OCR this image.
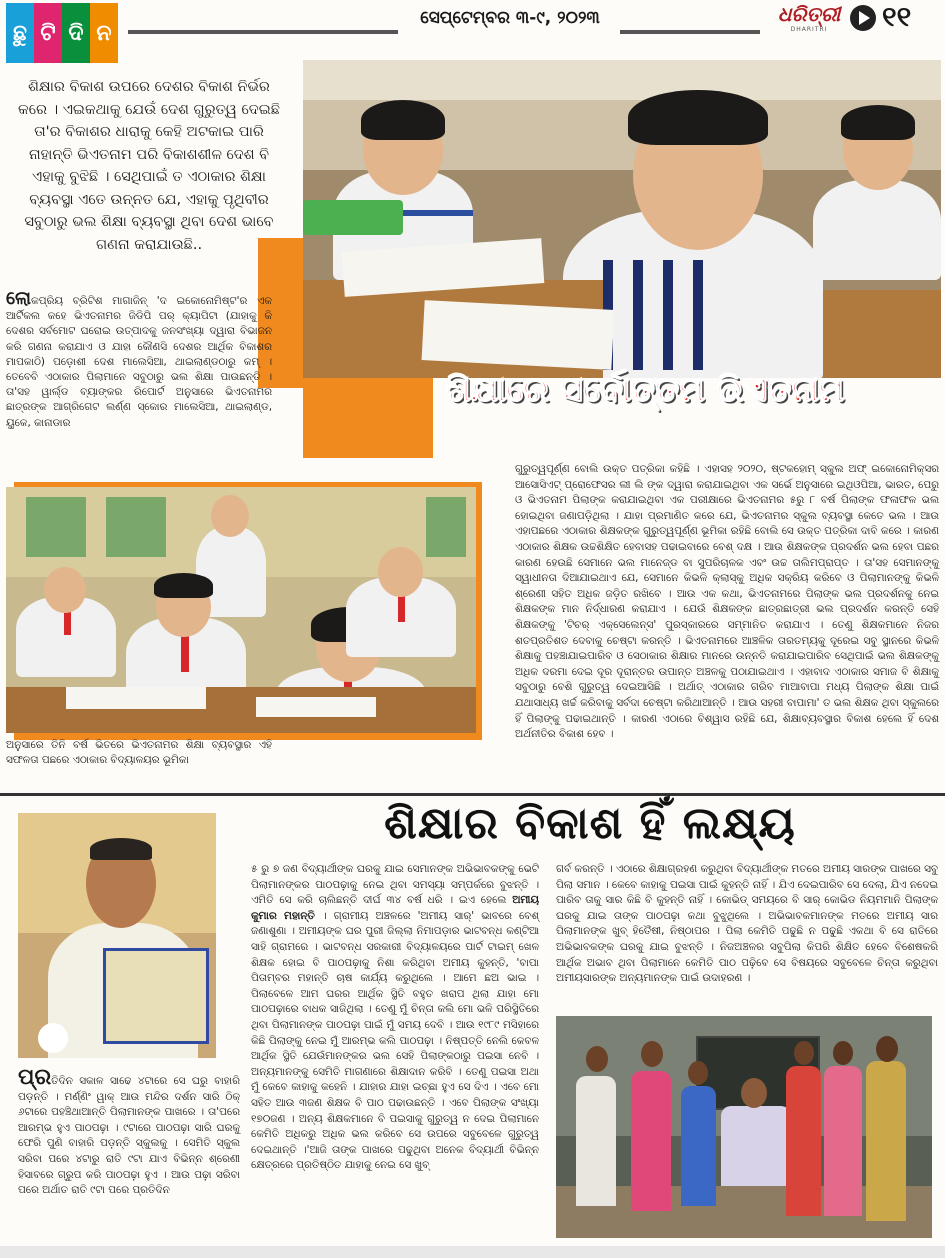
ଛୁ ଟି ଦି ନ
ସେପ୍ଟେମ୍ବର ୩-୯, ୨୦୨୩	ଧରିତ୍ରୀ
DHARITRI	୧୧
ଶିକ୍ଷାର ବିକାଶ ଉପରେ ଦେଶର ବିକାଶ ନିର୍ଭର କରେ । ଏଇକଥାକୁ ଯେଉଁ ଦେଶ ଗୁରୁତ୍ୱ ଦେଇଛି ତା'ର ବିକାଶର ଧାରାକୁ କେହି ଅଟକାଇ ପାରି ନାହାନ୍ତି ଭିଏତନାମ ପରି ବିକାଶଶୀଳ ଦେଶ ବି ଏହାକୁ ବୁଝିଛି । ସେଥିପାଇଁ ତ ଏଠାକାର ଶିକ୍ଷା ବ୍ୟବସ୍ଥା ଏତେ ଉନ୍ନତ ଯେ, ଏହାକୁ ପୃଥିବୀର ସବୁଠାରୁ ଭଲ ଶିକ୍ଷା ବ୍ୟବସ୍ଥା ଥିବା ଦେଶ ଭାବେ ଗଣନା କରାଯାଉଛି..
ଶିକ୍ଷାରେ ସର୍ବୋତ୍ତମ ଭିଏତନାମ

ଲୋକପ୍ରିୟ ବ୍ରିଟିଶ ମାଗାଜିନ୍ 'ଦ ଇକୋନୋମିଷ୍ଟ'ର ଏକ ଆର୍ଟିକଲ କହେ ଭିଏତନାମର ଜିଡିପି ପର୍ କ୍ୟାପିଟା (ଯାହାକୁ କି ଦେଶର ସର୍ବମୋଟ ଘରୋଇ ଉତ୍ପାଦକୁ ଜନସଂଖ୍ୟା ଦ୍ୱାରା ବିଭାଜନ କରି ଗଣନା କରାଯାଏ ଓ ଯାହା କୌଣସି ଦେଶର ଆର୍ଥିକ ବିକାଶର ମାପକାଠି) ପଡ଼ୋଶୀ ଦେଶ ମାଲେସିଆ, ଥାଇଲାଣ୍ଡଠାରୁ କମ୍ । ତେବେବି ଏଠାକାର ପିଲାମାନେ ସବୁଠାରୁ ଭଲ ଶିକ୍ଷା ପାଉଛନ୍ତି । ତା'ସହ ୱାର୍ଲ୍ଡ ବ୍ୟାଙ୍କର ରିପୋର୍ଟ ଅନୁସାରେ ଭିଏତନାମର ଛାତ୍ରଙ୍କ ଆଗ୍ରିଗେଟ ଲର୍ଣ୍ଣ ସ୍କୋର ମାଲେସିଆ, ଥାଇଲାଣ୍ଡ, ୟୁକେ, କାନାଡାର

ଅନୁସାରେ ତିନି ବର୍ଷ ଭିତରେ ଭିଏତନାମର ଶିକ୍ଷା ବ୍ୟବସ୍ଥାର ଏହି ସଫଳତା ପଛରେ ଏଠାକାର ବିଦ୍ୟାଳୟର ଭୂମିକା

ଗୁରୁତ୍ୱପୂର୍ଣ୍ଣ ବୋଲି ଉକ୍ତ ପତ୍ରିକା କହିଛି । ଏହାସହ ୨୦୨୦, ଷ୍ଟକହୋମ୍ ସ୍କୁଲ ଅଫ୍ ଇକୋନୋମିକ୍ସର ଆସୋସିଏଟ୍ ପ୍ରୋଫେସର ଲୀ ଲି ଙ୍କ ଦ୍ୱାରା କରାଯାଇଥିବା ଏକ ସର୍ଭେ ଅନୁସାରେ ଇଥିଓପିଆ, ଭାରତ, ପେରୁ ଓ ଭିଏତନାମ ପିଲାଙ୍କ କରାଯାଇଥିବା ଏକ ପରୀକ୍ଷାରେ ଭିଏତନାମର ୫ରୁ ୮ ବର୍ଷ ପିଲାଙ୍କ ଫଳାଫଳ ଭଲ ହୋଇଥିବା ଜଣାପଡ଼ିଥିଲା । ଯାହା ପ୍ରମାଣିତ କରେ ଯେ, ଭିଏତନାମର ସ୍କୁଲ ବ୍ୟବସ୍ଥା କେତେ ଭଲ । ଆଉ ଏହାପଛରେ ଏଠାକାର ଶିକ୍ଷକଙ୍କ ଗୁରୁତ୍ୱପୂର୍ଣ୍ଣ ଭୂମିକା ରହିଛି ବୋଲି ସେ ଉକ୍ତ ପତ୍ରିକା ଦାବି କରେ । କାରଣ ଏଠାକାର ଶିକ୍ଷକ ଉଚ୍ଚଶିକ୍ଷିତ ହେବାସହ ପଢାଇବାରେ ବେଶ୍ ଦକ୍ଷ । ଆଉ ଶିକ୍ଷକଙ୍କ ପ୍ରଦର୍ଶନ ଭଲ ହେବା ପଛର କାରଣ ହେଉଛି ସେମାନେ ଭଲ ମାନେଜ୍ଡ ବା ସୁପରିଚାଳକ ଏବଂ ଉଚ୍ଚ ତାଲିମପ୍ରାପ୍ତ । ତା'ସହ ସେମାନଙ୍କୁ ସ୍ୱାଧୀନତା ଦିଆଯାଇଥାଏ ଯେ, ସେମାନେ କିଭଳି କ୍ଲାସ୍‌କୁ ଅଧିକ ସକ୍ରିୟ କରିବେ ଓ ପିଲାମାନଙ୍କୁ କିଭଳି ଶ୍ରେଣୀ ସହିତ ଅଧିକ ଜଡ଼ିତ ରଖିବେ । ଆଉ ଏକ କଥା, ଭିଏତନାମରେ ପିଲାଙ୍କ ଭଲ ପ୍ରଦର୍ଶନକୁ ନେଇ ଶିକ୍ଷକଙ୍କ ମାନ ନିର୍ଦ୍ଧାରଣ କରାଯାଏ । ଯେଉଁ ଶିକ୍ଷକଙ୍କ ଛାତ୍ରଛାତ୍ରୀ ଭଲ ପ୍ରଦର୍ଶନ କରନ୍ତି ସେହି ଶିକ୍ଷକଙ୍କୁ 'ଟିଚର୍ ଏକ୍ସେଲେନ୍ସ' ପୁରସ୍କାରରେ ସମ୍ମାନିତ କରାଯାଏ । ତେଣୁ ଶିକ୍ଷକମାନେ ନିଜର ଶତପ୍ରତିଶତ ଦେବାକୁ ଚେଷ୍ଟା କରନ୍ତି । ଭିଏତନାମରେ ଆଞ୍ଚଳିକ ତାରତମ୍ୟକୁ ଦୂରେଇ ସବୁ ସ୍ଥାନରେ କିଭଳି ଶିକ୍ଷାକୁ ପହଞ୍ଚାଯାଇପାରିବ ଓ ସେଠାକାର ଶିକ୍ଷାର ମାନରେ ଉନ୍ନତି କରାଯାଇପାରିବ ସେଥିପାଇଁ ଭଲ ଶିକ୍ଷକଙ୍କୁ ଅଧିକ ଦରମା ଦେଇ ଦୂର ଦୂରାନ୍ତର ଉପାନ୍ତ ଅଞ୍ଚଳକୁ ପଠାଯାଇଥାଏ । ଏହାବାଦ ଏଠାକାର ସମାଜ ବି ଶିକ୍ଷାକୁ ସବୁଠାରୁ ବେଶି ଗୁରୁତ୍ୱ ଦେଇଆସିଛି । ଅର୍ଥାତ୍ ଏଠାକାର ଗରିବ ମାଆବାପା ମଧ୍ୟ ପିଲାଙ୍କ ଶିକ୍ଷା ପାଇଁ ଯଥାସାଧ୍ୟ ଖର୍ଚ୍ଚ କରିବାକୁ ସର୍ବଦା ଚେଷ୍ଟା କରିଥାଆନ୍ତି । ଆଉ ସହରୀ ବାପାମା' ତ ଭଲ ଶିକ୍ଷକ ଥିବା ସ୍କୁଲରେ ହିଁ ପିଲାଙ୍କୁ ପଢାଇଥାନ୍ତି । କାରଣ ଏଠାରେ ବିଶ୍ୱାସ ରହିଛି ଯେ, ଶିକ୍ଷାବ୍ୟବସ୍ଥାର ବିକାଶ ହେଲେ ହିଁ ଦେଶ ଅର୍ଥନୀତିର ବିକାଶ ହେବ ।

ଶିକ୍ଷାର ବିକାଶ ହିଁ ଲକ୍ଷ୍ୟ

ପ୍ରତିଦିନ ସକାଳ ସାଢେ ୪ଟାରେ ସେ ଘରୁ ବାହାରି ପଡ଼ନ୍ତି । ମର୍ଣ୍ଣିଂ ୱାକ୍ ଆଉ ମନ୍ଦିର ଦର୍ଶନ ସାରି ଠିକ୍ ୬ଟାରେ ପହଞ୍ଚିଥାଆନ୍ତି ପିଲାମାନଙ୍କ ପାଖରେ । ତା'ପରେ ଆରମ୍ଭ ହୁଏ ପାଠପଢ଼ା । ୯ଟାରେ ପାଠପଢ଼ା ସାରି ଘରକୁ ଫେରି ପୁଣି ବାହାରି ପଡ଼ନ୍ତି ସ୍କୁଲକୁ । ସେମିତି ସ୍କୁଲ ସରିବା ପରେ ୪ଟାରୁ ରାତି ୯ଟା ଯାଏ ବିଭିନ୍ନ ଶ୍ରେଣୀ ହିସାବରେ ଗ୍ରୁପ କରି ପାଠପଢ଼ା ହୁଏ । ଆଉ ପଢ଼ା ସରିବା ପରେ ଅର୍ଥାତ ରାତି ୯ଟା ପରେ ପ୍ରତିଦିନ

୫ ରୁ ୭ ଜଣ ବିଦ୍ୟାର୍ଥୀଙ୍କ ଘରକୁ ଯାଇ ସେମାନଙ୍କ ଅଭିଭାବକଙ୍କୁ ଭେଟି ପିଲାମାନଙ୍କର ପାଠପଢ଼ାକୁ ନେଇ ଥିବା ସମସ୍ୟା ସମ୍ପର୍କରେ ବୁଝନ୍ତି । ଏମିତି ସେ କରି ଚାଲିଛନ୍ତି ଦୀର୍ଘ ୩୪ ବର୍ଷ ଧରି । ଇଏ ହେଲେ ଅମୀୟ କୁମାର ମହାନ୍ତି । ଗ୍ରାମୀୟ ଅଞ୍ଚଳରେ 'ଅମୀୟ ସାର୍' ଭାବରେ ବେଶ୍ ଜଣାଶୁଣା । ଅମୀୟଙ୍କ ଘର ପୁରୀ ଜିଲ୍ଲା ନିମାପଡ଼ାର ଭାଟବନ୍ଧ କଣ୍ଟିଆ ସାହି ଗ୍ରାମରେ । ଭାଟବନ୍ଧ ସରକାରୀ ବିଦ୍ୟାଳୟରେ ପାର୍ଟ ଟାଇମ୍ ଖେଳ ଶିକ୍ଷକ ହୋଇ ବି ପାଠପଢ଼ାକୁ ନିଶା କରିଥିବା ଅମୀୟ କୁହନ୍ତି, 'ବାପା ପିତାମ୍ବର ମହାନ୍ତି ଚାଷ କାର୍ଯ୍ୟ କରୁଥିଲେ । ଆମେ ଛଅ ଭାଇ । ପିଲାବେଳେ ଆମ ଘରର ଆର୍ଥିକ ସ୍ଥିତି ବହୁତ ଖରାପ ଥିଲା ଯାହା ମୋ ପାଠପଢ଼ାରେ ବାଧକ ସାଜିଥିଲା । ତେଣୁ ମୁଁ ଚିନ୍ତା କଲି ମୋ ଭଳି ପରିସ୍ଥିତିରେ ଥିବା ପିଲାମାନଙ୍କ ପାଠପଢ଼ା ପାଇଁ ମୁଁ ସମୟ ଦେବି । ଆଉ ୧୯୮୯ ମସିହାରେ କିଛି ପିଲାଙ୍କୁ ନେଇ ମୁଁ ଆରମ୍ଭ କଲି ପାଠପଢ଼ା । ନିଷ୍ପତ୍ତି ନେଲି କେବଳ ଆର୍ଥିକ ସ୍ଥିତି ଯେଉଁମାନଙ୍କର ଭଲ ସେହି ପିଲାଙ୍କଠାରୁ ପଇସା ନେବି । ଅନ୍ୟମାନଙ୍କୁ ସେମିତି ମାଗଣାରେ ଶିକ୍ଷାଦାନ କରିବି । ତେଣୁ ପଇସା ଅଥା ମୁଁ କେବେ କାହାକୁ କହେନି । ଯାହାର ଯାହା ଇଚ୍ଛା ହୁଏ ସେ ଦିଏ । ଏବେ ମୋ ସହିତ ଆଉ ୩ଜଣ ଶିକ୍ଷକ ବି ପାଠ ପଢାଉଛନ୍ତି । ଏବେ ପିଲାଙ୍କ ସଂଖ୍ୟା ୧୭୦ଜଣ । ଅନ୍ୟ ଶିକ୍ଷକମାନେ ବି ପଇସାକୁ ଗୁରୁତ୍ୱ ନ ଦେଇ ପିଲାମାନେ କେମିତି ଅଧିକରୁ ଅଧିକ ଭଲ କରିବେ ସେ ଉପରେ ସବୁବେଳେ ଗୁରୁତ୍ୱ ଦେଇଥାନ୍ତି ।'ଆଜି ତାଙ୍କ ପାଖରେ ପଢୁଥିବା ଅନେକ ବିଦ୍ୟାର୍ଥୀ ବିଭିନ୍ନ କ୍ଷେତ୍ରରେ ପ୍ରତିଷ୍ଠିତ ଯାହାକୁ ନେଇ ସେ ଖୁବ୍

ଗର୍ବ କରନ୍ତି । ଏଠାରେ ଶିକ୍ଷାଗ୍ରହଣ କରୁଥିବା ବିଦ୍ୟାର୍ଥୀଙ୍କ ମତରେ ଅମୀୟ ସାରଙ୍କ ପାଖରେ ସବୁ ପିଲା ସମାନ । କେବେ କାହାକୁ ପଇସା ପାଇଁ କୁହନ୍ତି ନାହିଁ । ଯିଏ ଦେଇପାରିବ ସେ ଦେଲା, ଯିଏ ନଦେଇ ପାରିବ ତାକୁ ସାର କିଛି ବି କୁହନ୍ତି ନାହିଁ । କୋଭିଡ୍ ସମୟରେ ବି ସାର୍ କୋଭିଡ ନିୟମମାନି ପିଲାଙ୍କ ଘରକୁ ଯାଇ ତାଙ୍କ ପାଠପଢ଼ା କଥା ବୁଝୁଥିଲେ । ଅଭିଭାବକମାନଙ୍କ ମତରେ ଅମୀୟ ସାର ପିଲାମାନଙ୍କ ଖୁବ୍ ହିତୈଷୀ, ନିଷ୍ଠାପର । ପିଲା କେମିତି ପଢୁଛି ନ ପଢୁଛି ଏକଥା ବି ସେ ରାତିରେ ଅଭିଭାବକଙ୍କ ଘରକୁ ଯାଇ ବୁଝନ୍ତି । ନିଜଅଞ୍ଚଳର ସବୁପିଲା କିପରି ଶିକ୍ଷିତ ହେବେ ବିଶେଷକରି ଆର୍ଥିକ ଅଭାବ ଥିବା ପିଲାମାନେ କେମିତି ପାଠ ପଢ଼ିବେ ସେ ବିଷୟରେ ସବୁବେଳେ ଚିନ୍ତା କରୁଥିବା ଅମୀୟସାରଙ୍କ ଅନ୍ୟମାନଙ୍କ ପାଇଁ ଉଦାହରଣ ।
